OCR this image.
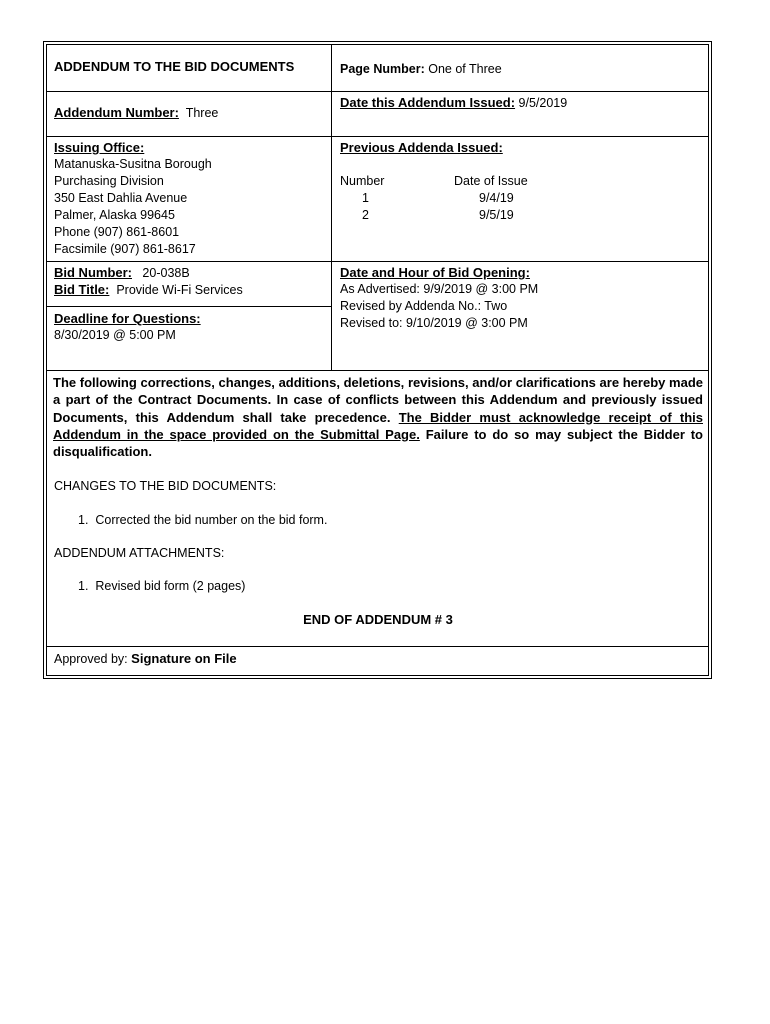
ADDENDUM TO THE BID DOCUMENTS	Page Number: One of Three
Addendum Number: Three
Date this Addendum Issued: 9/5/2019
Issuing Office:
Matanuska-Susitna Borough
Purchasing Division
350 East Dahlia Avenue
Palmer, Alaska 99645
Phone (907) 861-8601
Facsimile (907) 861-8617
Previous Addenda Issued:
Number	Date of Issue
1	9/4/19
2	9/5/19
Bid Number: 20-038B
Bid Title: Provide Wi-Fi Services
Deadline for Questions:
8/30/2019 @ 5:00 PM
Date and Hour of Bid Opening:
As Advertised: 9/9/2019 @ 3:00 PM
Revised by Addenda No.: Two
Revised to: 9/10/2019 @ 3:00 PM
The following corrections, changes, additions, deletions, revisions, and/or clarifications are hereby made a part of the Contract Documents. In case of conflicts between this Addendum and previously issued Documents, this Addendum shall take precedence. The Bidder must acknowledge receipt of this Addendum in the space provided on the Submittal Page. Failure to do so may subject the Bidder to disqualification.
CHANGES TO THE BID DOCUMENTS:
1.  Corrected the bid number on the bid form.
ADDENDUM ATTACHMENTS:
1.  Revised bid form (2 pages)
END OF ADDENDUM # 3
Approved by: Signature on File
